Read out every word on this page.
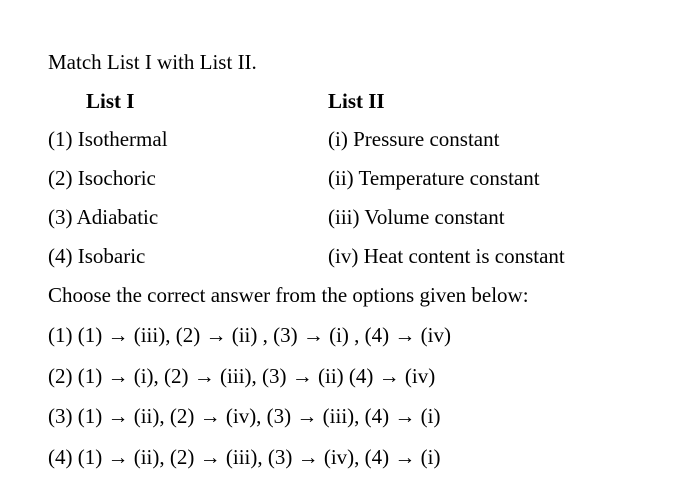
Match List I with List II.
List I	List II
(1) Isothermal	(i) Pressure constant
(2) Isochoric	(ii) Temperature constant
(3) Adiabatic	(iii) Volume constant
(4) Isobaric	(iv) Heat content is constant
Choose the correct answer from the options given below:
(1) (1) → (iii), (2) → (ii) , (3) → (i) , (4) → (iv)
(2) (1) → (i), (2) → (iii), (3) → (ii) (4) → (iv)
(3) (1) → (ii), (2) → (iv), (3) → (iii), (4) → (i)
(4) (1) → (ii), (2) → (iii), (3) → (iv), (4) → (i)
